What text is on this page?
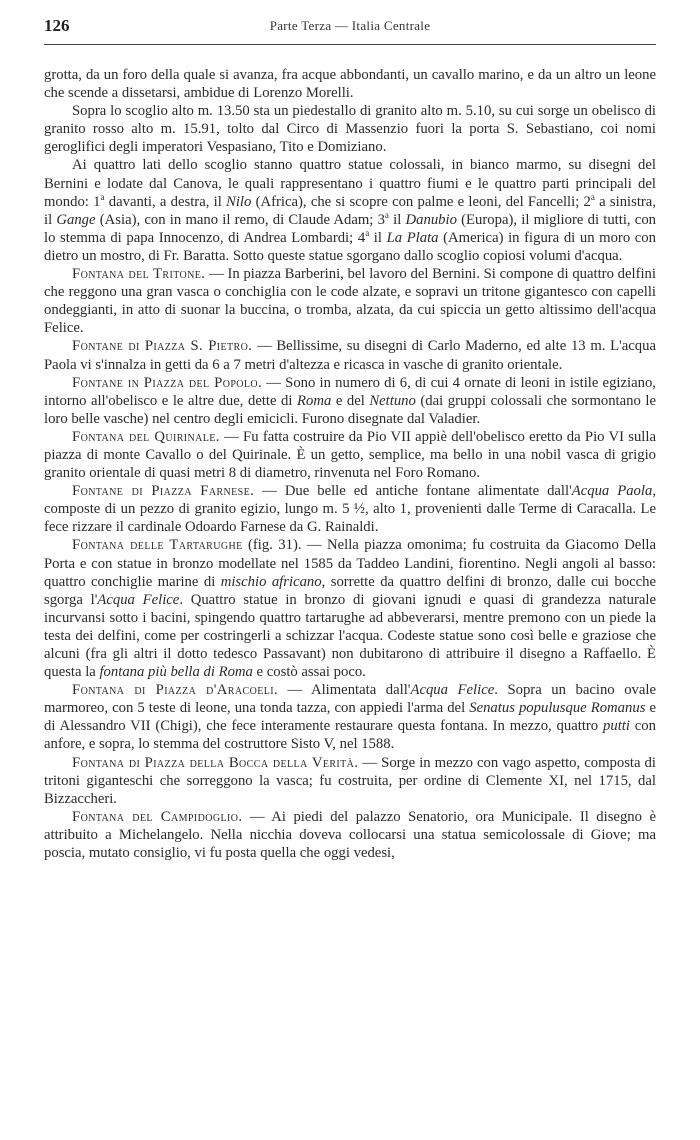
126	Parte Terza — Italia Centrale

grotta, da un foro della quale si avanza, fra acque abbondanti, un cavallo marino, e da un altro un leone che scende a dissetarsi, ambidue di Lorenzo Morelli.

Sopra lo scoglio alto m. 13.50 sta un piedestallo di granito alto m. 5.10, su cui sorge un obelisco di granito rosso alto m. 15.91, tolto dal Circo di Massenzio fuori la porta S. Sebastiano, coi nomi geroglifici degli imperatori Vespasiano, Tito e Domiziano.

Ai quattro lati dello scoglio stanno quattro statue colossali, in bianco marmo, su disegni del Bernini e lodate dal Canova, le quali rappresentano i quattro fiumi e le quattro parti principali del mondo: 1$^a$ davanti, a destra, il Nilo (Africa), che si scopre con palme e leoni, del Fancelli; 2$^a$ a sinistra, il Gange (Asia), con in mano il remo, di Claude Adam; 3$^a$ il Danubio (Europa), il migliore di tutti, con lo stemma di papa Innocenzo, di Andrea Lombardi; 4$^a$ il La Plata (America) in figura di un moro con dietro un mostro, di Fr. Baratta. Sotto queste statue sgorgano dallo scoglio copiosi volumi d'acqua.

Fontana del Tritone. — In piazza Barberini, bel lavoro del Bernini. Si compone di quattro delfini che reggono una gran vasca o conchiglia con le code alzate, e sopravi un tritone gigantesco con capelli ondeggianti, in atto di suonar la buccina, o tromba, alzata, da cui spiccia un getto altissimo dell'acqua Felice.

Fontane di Piazza S. Pietro. — Bellissime, su disegni di Carlo Maderno, ed alte 13 m. L'acqua Paola vi s'innalza in getti da 6 a 7 metri d'altezza e ricasca in vasche di granito orientale.

Fontane in Piazza del Popolo. — Sono in numero di 6, di cui 4 ornate di leoni in istile egiziano, intorno all'obelisco e le altre due, dette di Roma e del Nettuno (dai gruppi colossali che sormontano le loro belle vasche) nel centro degli emicicli. Furono disegnate dal Valadier.

Fontana del Quirinale. — Fu fatta costruire da Pio VII appiè dell'obelisco eretto da Pio VI sulla piazza di monte Cavallo o del Quirinale. È un getto, semplice, ma bello in una nobil vasca di grigio granito orientale di quasi metri 8 di diametro, rinvenuta nel Foro Romano.

Fontane di Piazza Farnese. — Due belle ed antiche fontane alimentate dall'Acqua Paola, composte di un pezzo di granito egizio, lungo m. 5 ½, alto 1, provenienti dalle Terme di Caracalla. Le fece rizzare il cardinale Odoardo Farnese da G. Rainaldi.

Fontana delle Tartarughe (fig. 31). — Nella piazza omonima; fu costruita da Giacomo Della Porta e con statue in bronzo modellate nel 1585 da Taddeo Landini, fiorentino. Negli angoli al basso: quattro conchiglie marine di mischio africano, sorrette da quattro delfini di bronzo, dalle cui bocche sgorga l'Acqua Felice. Quattro statue in bronzo di giovani ignudi e quasi di grandezza naturale incurvansi sotto i bacini, spingendo quattro tartarughe ad abbeverarsi, mentre premono con un piede la testa dei delfini, come per costringerli a schizzar l'acqua. Codeste statue sono così belle e graziose che alcuni (fra gli altri il dotto tedesco Passavant) non dubitarono di attribuire il disegno a Raffaello. È questa la fontana più bella di Roma e costò assai poco.

Fontana di Piazza d'Aracoeli. — Alimentata dall'Acqua Felice. Sopra un bacino ovale marmoreo, con 5 teste di leone, una tonda tazza, con appiedi l'arma del Senatus populusque Romanus e di Alessandro VII (Chigi), che fece interamente restaurare questa fontana. In mezzo, quattro putti con anfore, e sopra, lo stemma del costruttore Sisto V, nel 1588.

Fontana di Piazza della Bocca della Verità. — Sorge in mezzo con vago aspetto, composta di tritoni giganteschi che sorreggono la vasca; fu costruita, per ordine di Clemente XI, nel 1715, dal Bizzaccheri.

Fontana del Campidoglio. — Ai piedi del palazzo Senatorio, ora Municipale. Il disegno è attribuito a Michelangelo. Nella nicchia doveva collocarsi una statua semicolossale di Giove; ma poscia, mutato consiglio, vi fu posta quella che oggi vedesi,
